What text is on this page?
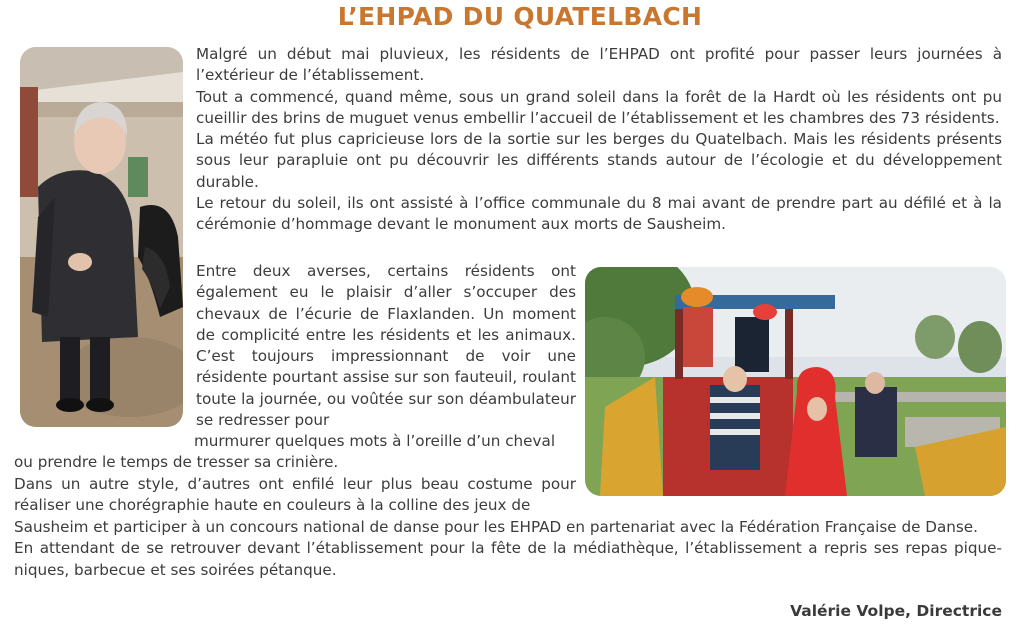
L’EHPAD DU QUATELBACH

Malgré un début mai pluvieux, les résidents de l’EHPAD ont profité pour passer leurs journées à l’extérieur de l’établissement.
Tout a commencé, quand même, sous un grand soleil dans la forêt de la Hardt où les résidents ont pu cueillir des brins de muguet venus embellir l’accueil de l’établissement et les chambres des 73 résidents.
La météo fut plus capricieuse lors de la sortie sur les berges du Quatelbach. Mais les résidents présents sous leur parapluie ont pu découvrir les différents stands autour de l’écologie et du développement durable.
Le retour du soleil, ils ont assisté à l’office communale du 8 mai avant de prendre part au défilé et à la cérémonie d’hommage devant le monument aux morts de Sausheim.

Entre deux averses, certains résidents ont également eu le plaisir d’aller s’occuper des chevaux de l’écurie de Flaxlanden. Un moment de complicité entre les résidents et les animaux. C’est toujours impressionnant de voir une résidente pourtant assise sur son fauteuil, roulant toute la journée, ou voûtée sur son déambulateur se redresser pour

murmurer quelques mots à l’oreille d’un cheval
ou prendre le temps de tresser sa crinière.

Dans un autre style, d’autres ont enfilé leur plus beau costume pour réaliser une chorégraphie haute en couleurs à la colline des jeux de

Sausheim et participer à un concours national de danse pour les EHPAD en partenariat avec la Fédération Française de Danse.
En attendant de se retrouver devant l’établissement pour la fête de la médiathèque, l’établissement a repris ses repas pique-niques, barbecue et ses soirées pétanque.

Valérie Volpe, Directrice
